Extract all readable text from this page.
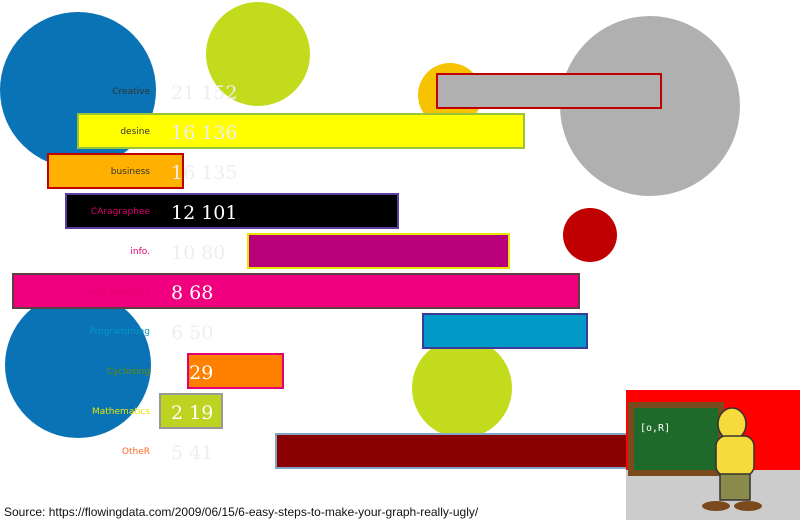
Creative 21 152
desine 16 136
business 16 135
CAragraphee 12 101
info. 10 80
web Analitycs 8 68
Programming 6 50
Cyclosing 3 29
Mathematics 2 19
OtheR 5 41
[o,R]
Source: https://flowingdata.com/2009/06/15/6-easy-steps-to-make-your-graph-really-ugly/
